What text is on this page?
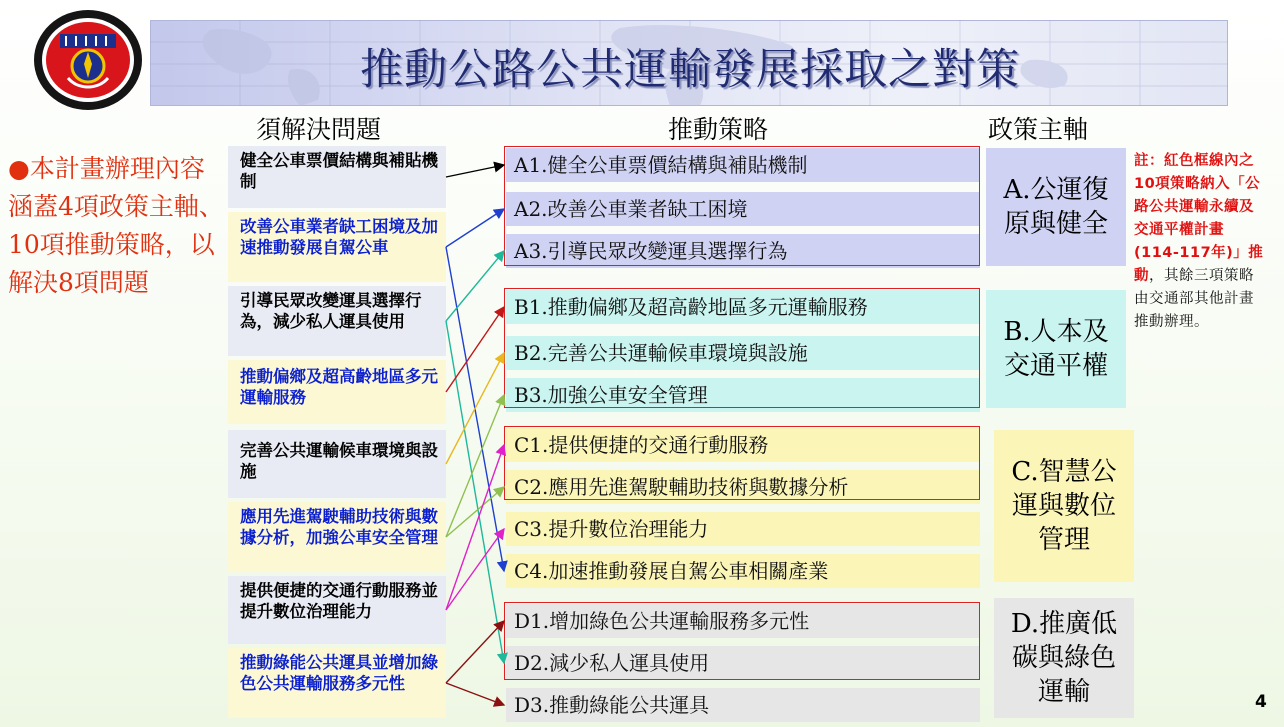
推動公路公共運輸發展採取之對策
須解決問題	推動策略	政策主軸
●本計畫辦理內容涵蓋4項政策主軸、10項推動策略，以解決8項問題
健全公車票價結構與補貼機制
改善公車業者缺工困境及加速推動發展自駕公車
引導民眾改變運具選擇行為，減少私人運具使用
推動偏鄉及超高齡地區多元運輸服務
完善公共運輸候車環境與設施
應用先進駕駛輔助技術與數據分析，加強公車安全管理
提供便捷的交通行動服務並提升數位治理能力
推動綠能公共運具並增加綠色公共運輸服務多元性
A1.健全公車票價結構與補貼機制
A2.改善公車業者缺工困境
A3.引導民眾改變運具選擇行為
B1.推動偏鄉及超高齡地區多元運輸服務
B2.完善公共運輸候車環境與設施
B3.加強公車安全管理
C1.提供便捷的交通行動服務
C2.應用先進駕駛輔助技術與數據分析
C3.提升數位治理能力
C4.加速推動發展自駕公車相關產業
D1.增加綠色公共運輸服務多元性
D2.減少私人運具使用
D3.推動綠能公共運具
A.公運復原與健全
B.人本及交通平權
C.智慧公運與數位管理
D.推廣低碳與綠色運輸
註：紅色框線內之10項策略納入「公路公共運輸永續及交通平權計畫(114-117年)」推動，其餘三項策略由交通部其他計畫推動辦理。
4
